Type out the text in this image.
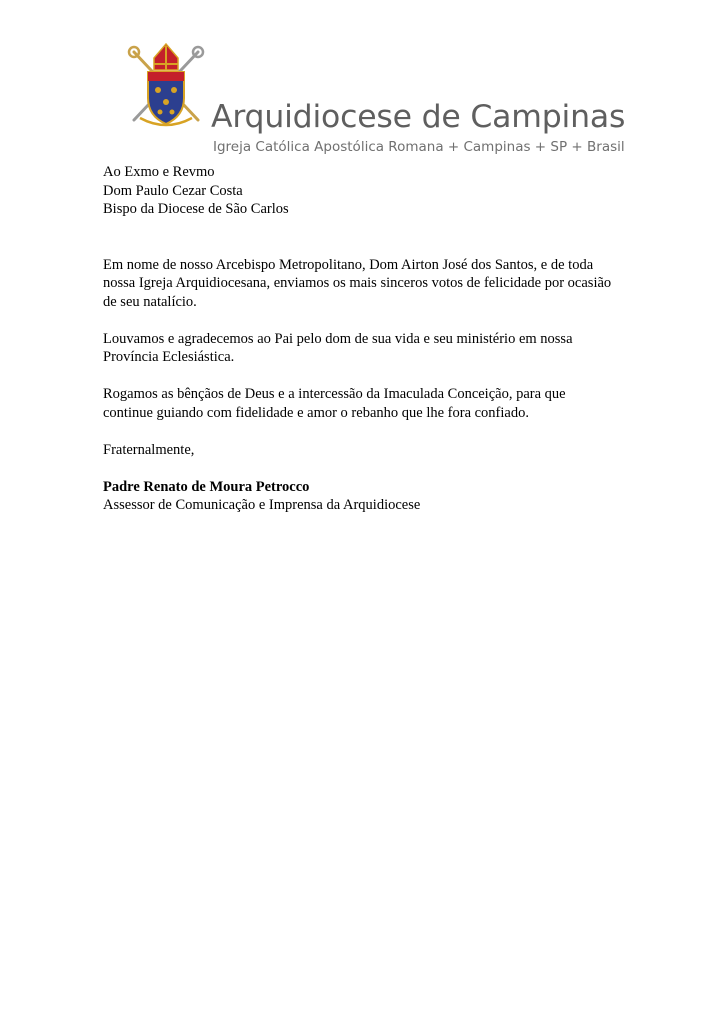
Arquidiocese de Campinas
Igreja Católica Apostólica Romana + Campinas + SP + Brasil

Ao Exmo e Revmo
Dom Paulo Cezar Costa
Bispo da Diocese de São Carlos

Em nome de nosso Arcebispo Metropolitano, Dom Airton José dos Santos, e de toda
nossa Igreja Arquidiocesana, enviamos os mais sinceros votos de felicidade por ocasião
de seu natalício.

Louvamos e agradecemos ao Pai pelo dom de sua vida e seu ministério em nossa
Província Eclesiástica.

Rogamos as bênçãos de Deus e a intercessão da Imaculada Conceição, para que
continue guiando com fidelidade e amor o rebanho que lhe fora confiado.

Fraternalmente,

Padre Renato de Moura Petrocco
Assessor de Comunicação e Imprensa da Arquidiocese
